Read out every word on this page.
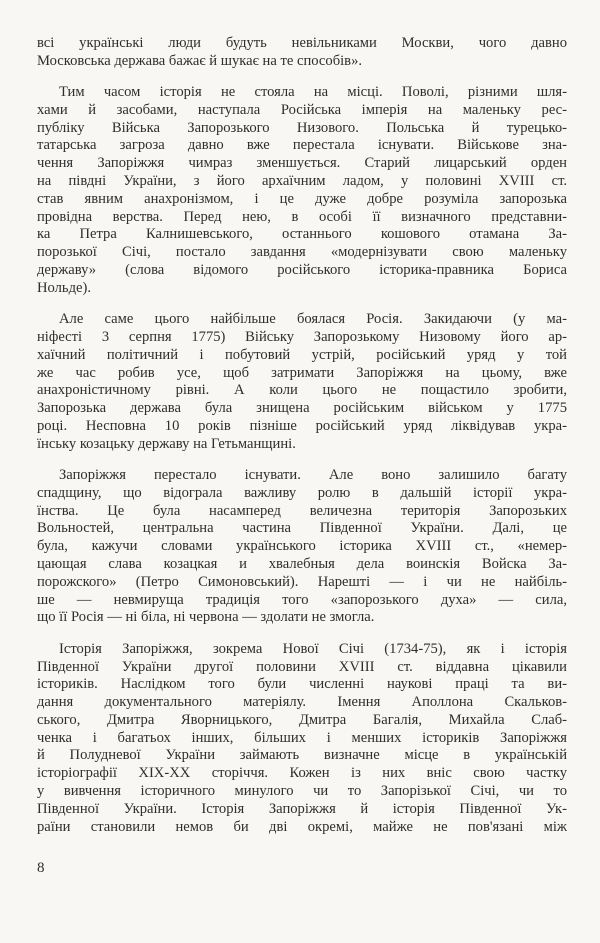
всі українські люди будуть невільниками Москви, чого давно
Московська держава бажає й шукає на те способів».
Тим часом історія не стояла на місці. Поволі, різними шля-
хами й засобами, наступала Російська імперія на маленьку рес-
публіку Війська Запорозького Низового. Польська й турецько-
татарська загроза давно вже перестала існувати. Військове зна-
чення Запоріжжя чимраз зменшується. Старий лицарський орден
на півдні України, з його архаїчним ладом, у половині XVIII ст.
став явним анахронізмом, і це дуже добре розуміла запорозька
провідна верства. Перед нею, в особі її визначного представни-
ка Петра Калнишевського, останнього кошового отамана За-
порозької Січі, постало завдання «модернізувати свою маленьку
державу» (слова відомого російського історика-правника Бориса
Нольде).
Але саме цього найбільше боялася Росія. Закидаючи (у ма-
ніфесті 3 серпня 1775) Війську Запорозькому Низовому його ар-
хаїчний політичний і побутовий устрій, російський уряд у той
же час робив усе, щоб затримати Запоріжжя на цьому, вже
анахроністичному рівні. А коли цього не пощастило зробити,
Запорозька держава була знищена російським військом у 1775
році. Несповна 10 років пізніше російський уряд ліквідував укра-
їнську козацьку державу на Гетьманщині.
Запоріжжя перестало існувати. Але воно залишило багату
спадщину, що відограла важливу ролю в дальшій історії укра-
їнства. Це була насамперед величезна територія Запорозьких
Вольностей, центральна частина Південної України. Далі, це
була, кажучи словами українського історика XVIII ст., «немер-
цающая слава козацкая и хвалебныя дела воинскія Войска За-
порожского» (Петро Симоновський). Нарешті — і чи не найбіль-
ше — невмируща традиція того «запорозького духа» — сила,
що її Росія — ні біла, ні червона — здолати не змогла.
Історія Запоріжжя, зокрема Нової Січі (1734-75), як і історія
Південної України другої половини XVIII ст. віддавна цікавили
істориків. Наслідком того були численні наукові праці та ви-
дання документального матеріялу. Імення Аполлона Скальков-
ського, Дмитра Яворницького, Дмитра Багалія, Михайла Слаб-
ченка і багатьох інших, більших і менших істориків Запоріжжя
й Полудневої України займають визначне місце в українській
історіографії XIX-XX сторіччя. Кожен із них вніс свою частку
у вивчення історичного минулого чи то Запорізької Січі, чи то
Південної України. Історія Запоріжжя й історія Південної Ук-
раїни становили немов би дві окремі, майже не пов'язані між
8
